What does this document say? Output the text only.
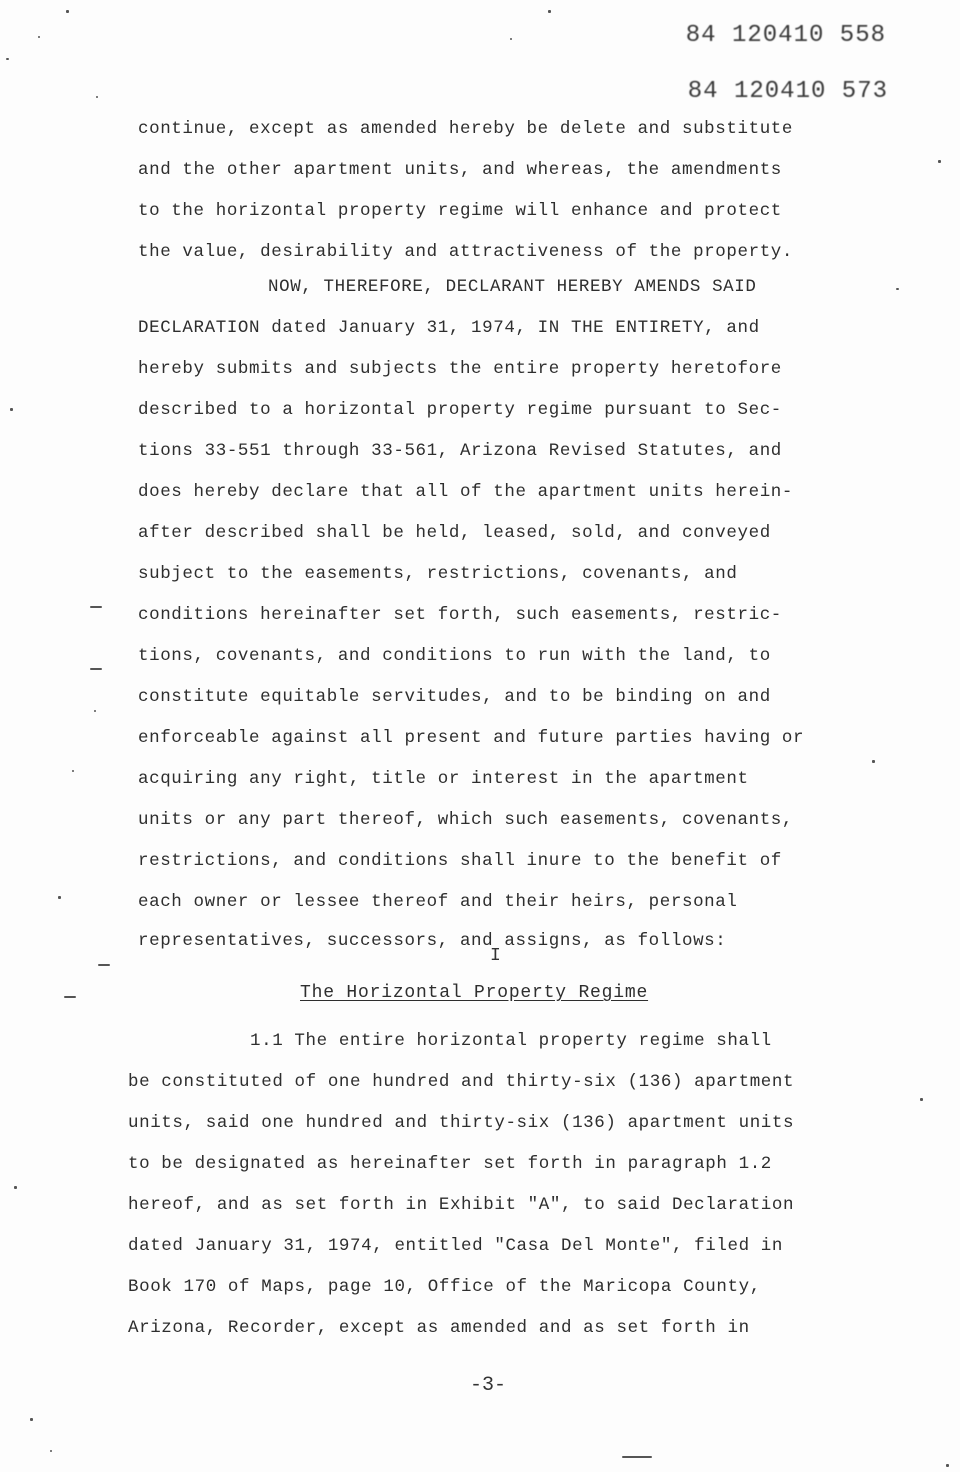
84 120410 558
84 120410 573
continue, except as amended hereby be delete and substitute
and the other apartment units, and whereas, the amendments
to the horizontal property regime will enhance and protect
the value, desirability and attractiveness of the property.
NOW, THEREFORE, DECLARANT HEREBY AMENDS SAID
DECLARATION dated January 31, 1974, IN THE ENTIRETY, and
hereby submits and subjects the entire property heretofore
described to a horizontal property regime pursuant to Sec-
tions 33-551 through 33-561, Arizona Revised Statutes, and
does hereby declare that all of the apartment units herein-
after described shall be held, leased, sold, and conveyed
subject to the easements, restrictions, covenants, and
conditions hereinafter set forth, such easements, restric-
tions, covenants, and conditions to run with the land, to
constitute equitable servitudes, and to be binding on and
enforceable against all present and future parties having or
acquiring any right, title or interest in the apartment
units or any part thereof, which such easements, covenants,
restrictions, and conditions shall inure to the benefit of
each owner or lessee thereof and their heirs, personal
representatives, successors, and assigns, as follows:
I
The Horizontal Property Regime
1.1 The entire horizontal property regime shall
be constituted of one hundred and thirty-six (136) apartment
units, said one hundred and thirty-six (136) apartment units
to be designated as hereinafter set forth in paragraph 1.2
hereof, and as set forth in Exhibit "A", to said Declaration
dated January 31, 1974, entitled "Casa Del Monte", filed in
Book 170 of Maps, page 10, Office of the Maricopa County,
Arizona, Recorder, except as amended and as set forth in
-3-
